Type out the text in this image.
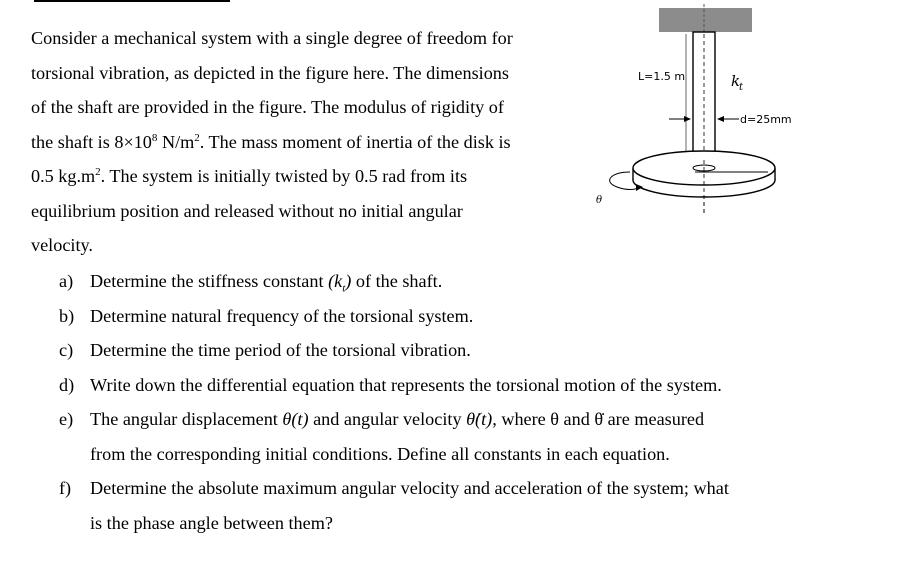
Consider a mechanical system with a single degree of freedom for
torsional vibration, as depicted in the figure here. The dimensions
of the shaft are provided in the figure. The modulus of rigidity of
the shaft is $8\times 10^8$ $N/m^2$. The mass moment of inertia of the disk is
0.5 $kg.m^2$. The system is initially twisted by 0.5 rad from its
equilibrium position and released without no initial angular
velocity.
a) Determine the stiffness constant $(k_t)$ of the shaft.
b) Determine natural frequency of the torsional system.
c) Determine the time period of the torsional vibration.
d) Write down the differential equation that represents the torsional motion of the system.
e) The angular displacement θ(t) and angular velocity θ̇(t), where θ and θ̇ are measured
from the corresponding initial conditions. Define all constants in each equation.
f) Determine the absolute maximum angular velocity and acceleration of the system; what
is the phase angle between them?
L=1.5 m	k
t
d=25mm
θ
